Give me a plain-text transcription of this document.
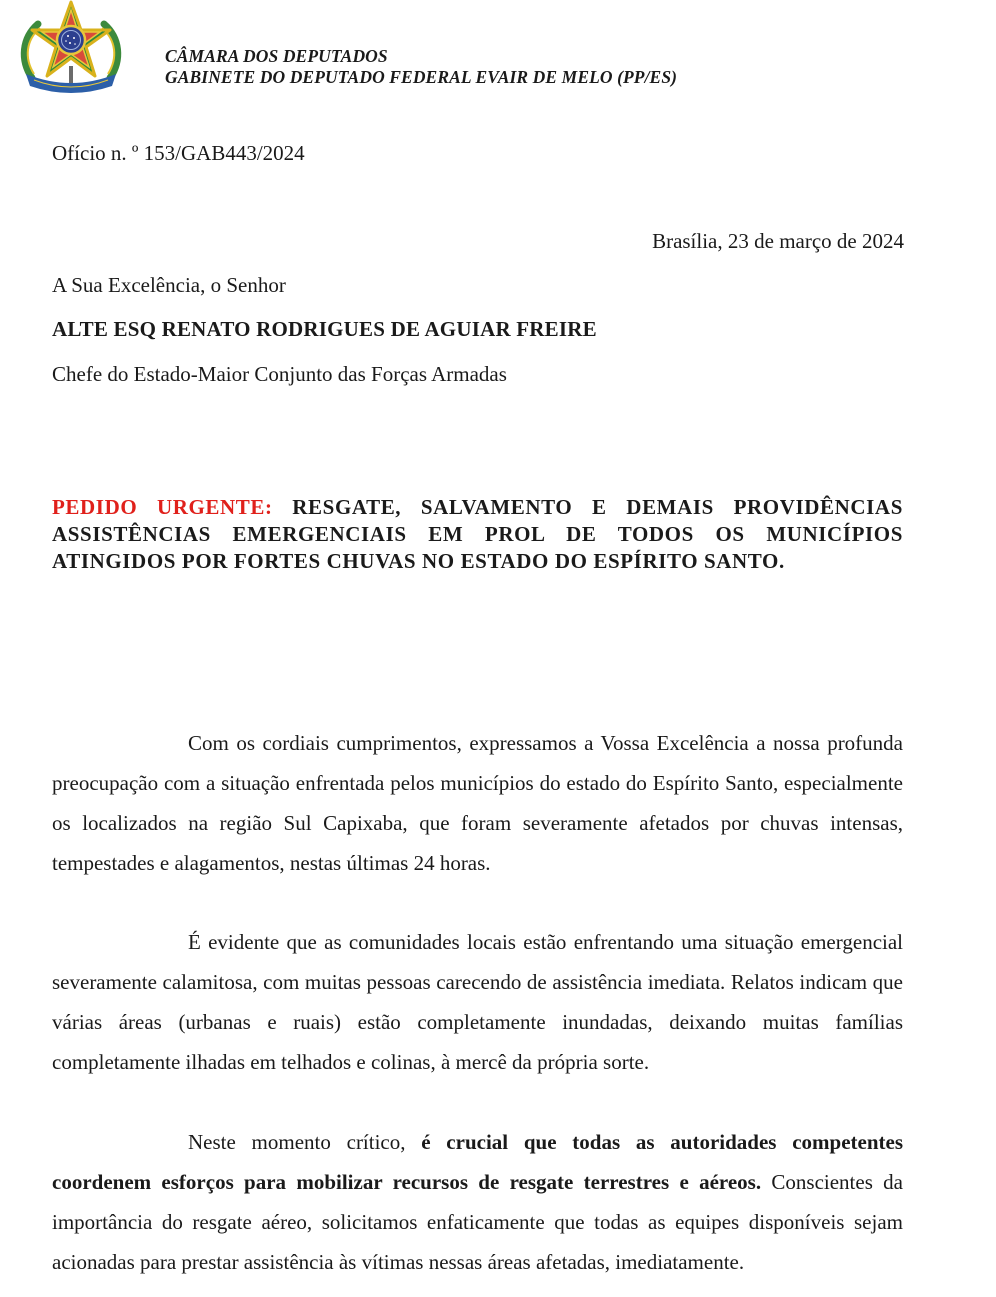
CÂMARA DOS DEPUTADOS
GABINETE DO DEPUTADO FEDERAL EVAIR DE MELO (PP/ES)
Ofício n. º 153/GAB443/2024
Brasília, 23 de março de 2024
A Sua Excelência, o Senhor
ALTE ESQ RENATO RODRIGUES DE AGUIAR FREIRE
Chefe do Estado-Maior Conjunto das Forças Armadas
PEDIDO URGENTE: RESGATE, SALVAMENTO E DEMAIS PROVIDÊNCIAS ASSISTÊNCIAS EMERGENCIAIS EM PROL DE TODOS OS MUNICÍPIOS ATINGIDOS POR FORTES CHUVAS NO ESTADO DO ESPÍRITO SANTO.
Com os cordiais cumprimentos, expressamos a Vossa Excelência a nossa profunda preocupação com a situação enfrentada pelos municípios do estado do Espírito Santo, especialmente os localizados na região Sul Capixaba, que foram severamente afetados por chuvas intensas, tempestades e alagamentos, nestas últimas 24 horas.
É evidente que as comunidades locais estão enfrentando uma situação emergencial severamente calamitosa, com muitas pessoas carecendo de assistência imediata. Relatos indicam que várias áreas (urbanas e ruais) estão completamente inundadas, deixando muitas famílias completamente ilhadas em telhados e colinas, à mercê da própria sorte.
Neste momento crítico, é crucial que todas as autoridades competentes coordenem esforços para mobilizar recursos de resgate terrestres e aéreos. Conscientes da importância do resgate aéreo, solicitamos enfaticamente que todas as equipes disponíveis sejam acionadas para prestar assistência às vítimas nessas áreas afetadas, imediatamente.
